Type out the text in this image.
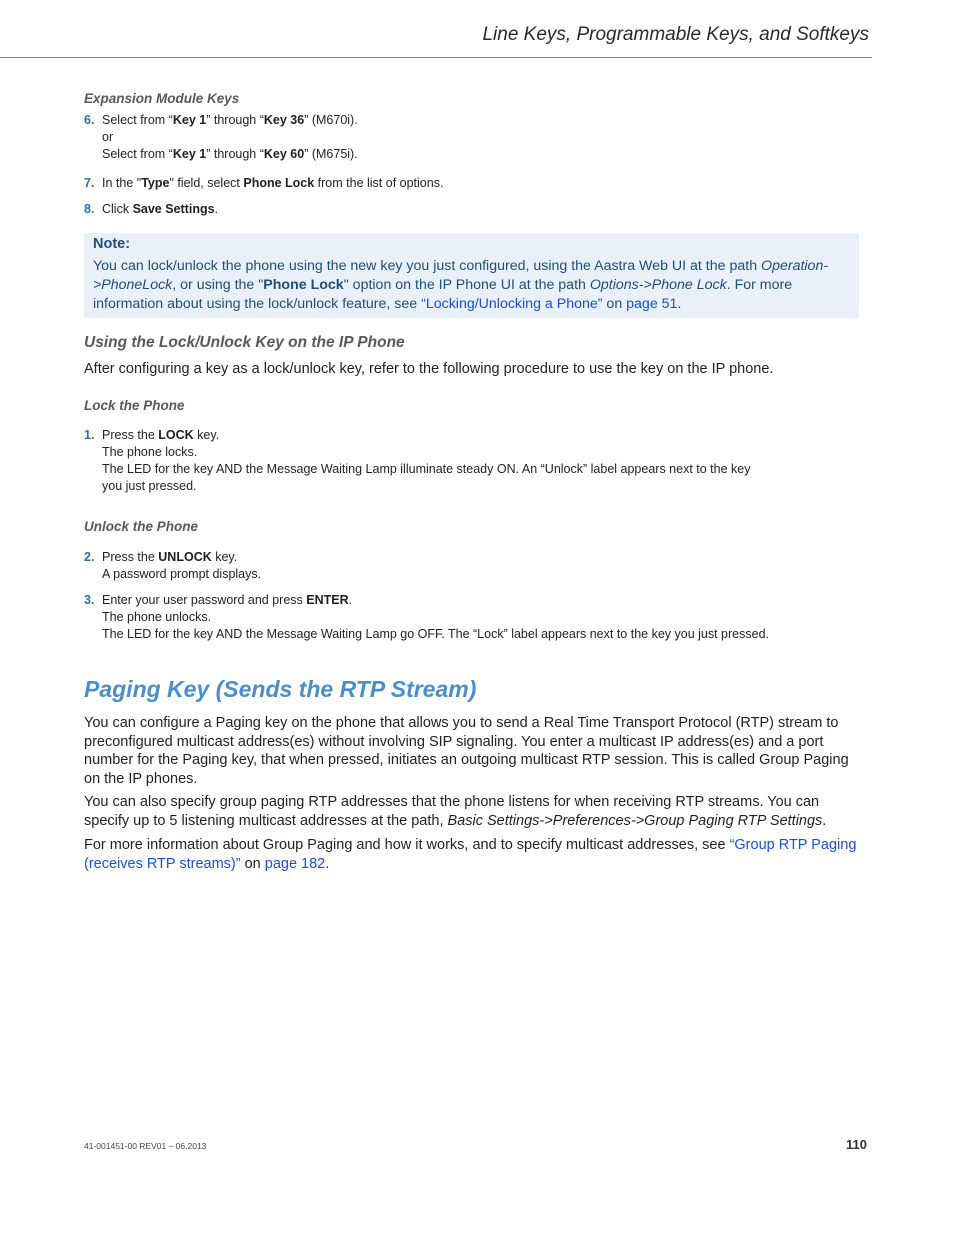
Line Keys, Programmable Keys, and Softkeys
Expansion Module Keys
6. Select from “Key 1” through “Key 36” (M670i).
or
Select from “Key 1” through “Key 60” (M675i).
7. In the "Type" field, select Phone Lock from the list of options.
8. Click Save Settings.
Note:
You can lock/unlock the phone using the new key you just configured, using the Aastra Web UI at the path Operation->PhoneLock, or using the "Phone Lock" option on the IP Phone UI at the path Options->Phone Lock. For more information about using the lock/unlock feature, see “Locking/Unlocking a Phone” on page 51.
Using the Lock/Unlock Key on the IP Phone
After configuring a key as a lock/unlock key, refer to the following procedure to use the key on the IP phone.
Lock the Phone
1. Press the LOCK key.
The phone locks.
The LED for the key AND the Message Waiting Lamp illuminate steady ON. An “Unlock” label appears next to the key
you just pressed.
Unlock the Phone
2. Press the UNLOCK key.
A password prompt displays.
3. Enter your user password and press ENTER.
The phone unlocks.
The LED for the key AND the Message Waiting Lamp go OFF. The “Lock” label appears next to the key you just pressed.
Paging Key (Sends the RTP Stream)
You can configure a Paging key on the phone that allows you to send a Real Time Transport Protocol (RTP) stream to preconfigured multicast address(es) without involving SIP signaling. You enter a multicast IP address(es) and a port number for the Paging key, that when pressed, initiates an outgoing multicast RTP session. This is called Group Paging on the IP phones.
You can also specify group paging RTP addresses that the phone listens for when receiving RTP streams. You can specify up to 5 listening multicast addresses at the path, Basic Settings->Preferences->Group Paging RTP Settings.
For more information about Group Paging and how it works, and to specify multicast addresses, see “Group RTP Paging (receives RTP streams)” on page 182.
41-001451-00 REV01 – 06.2013	110
